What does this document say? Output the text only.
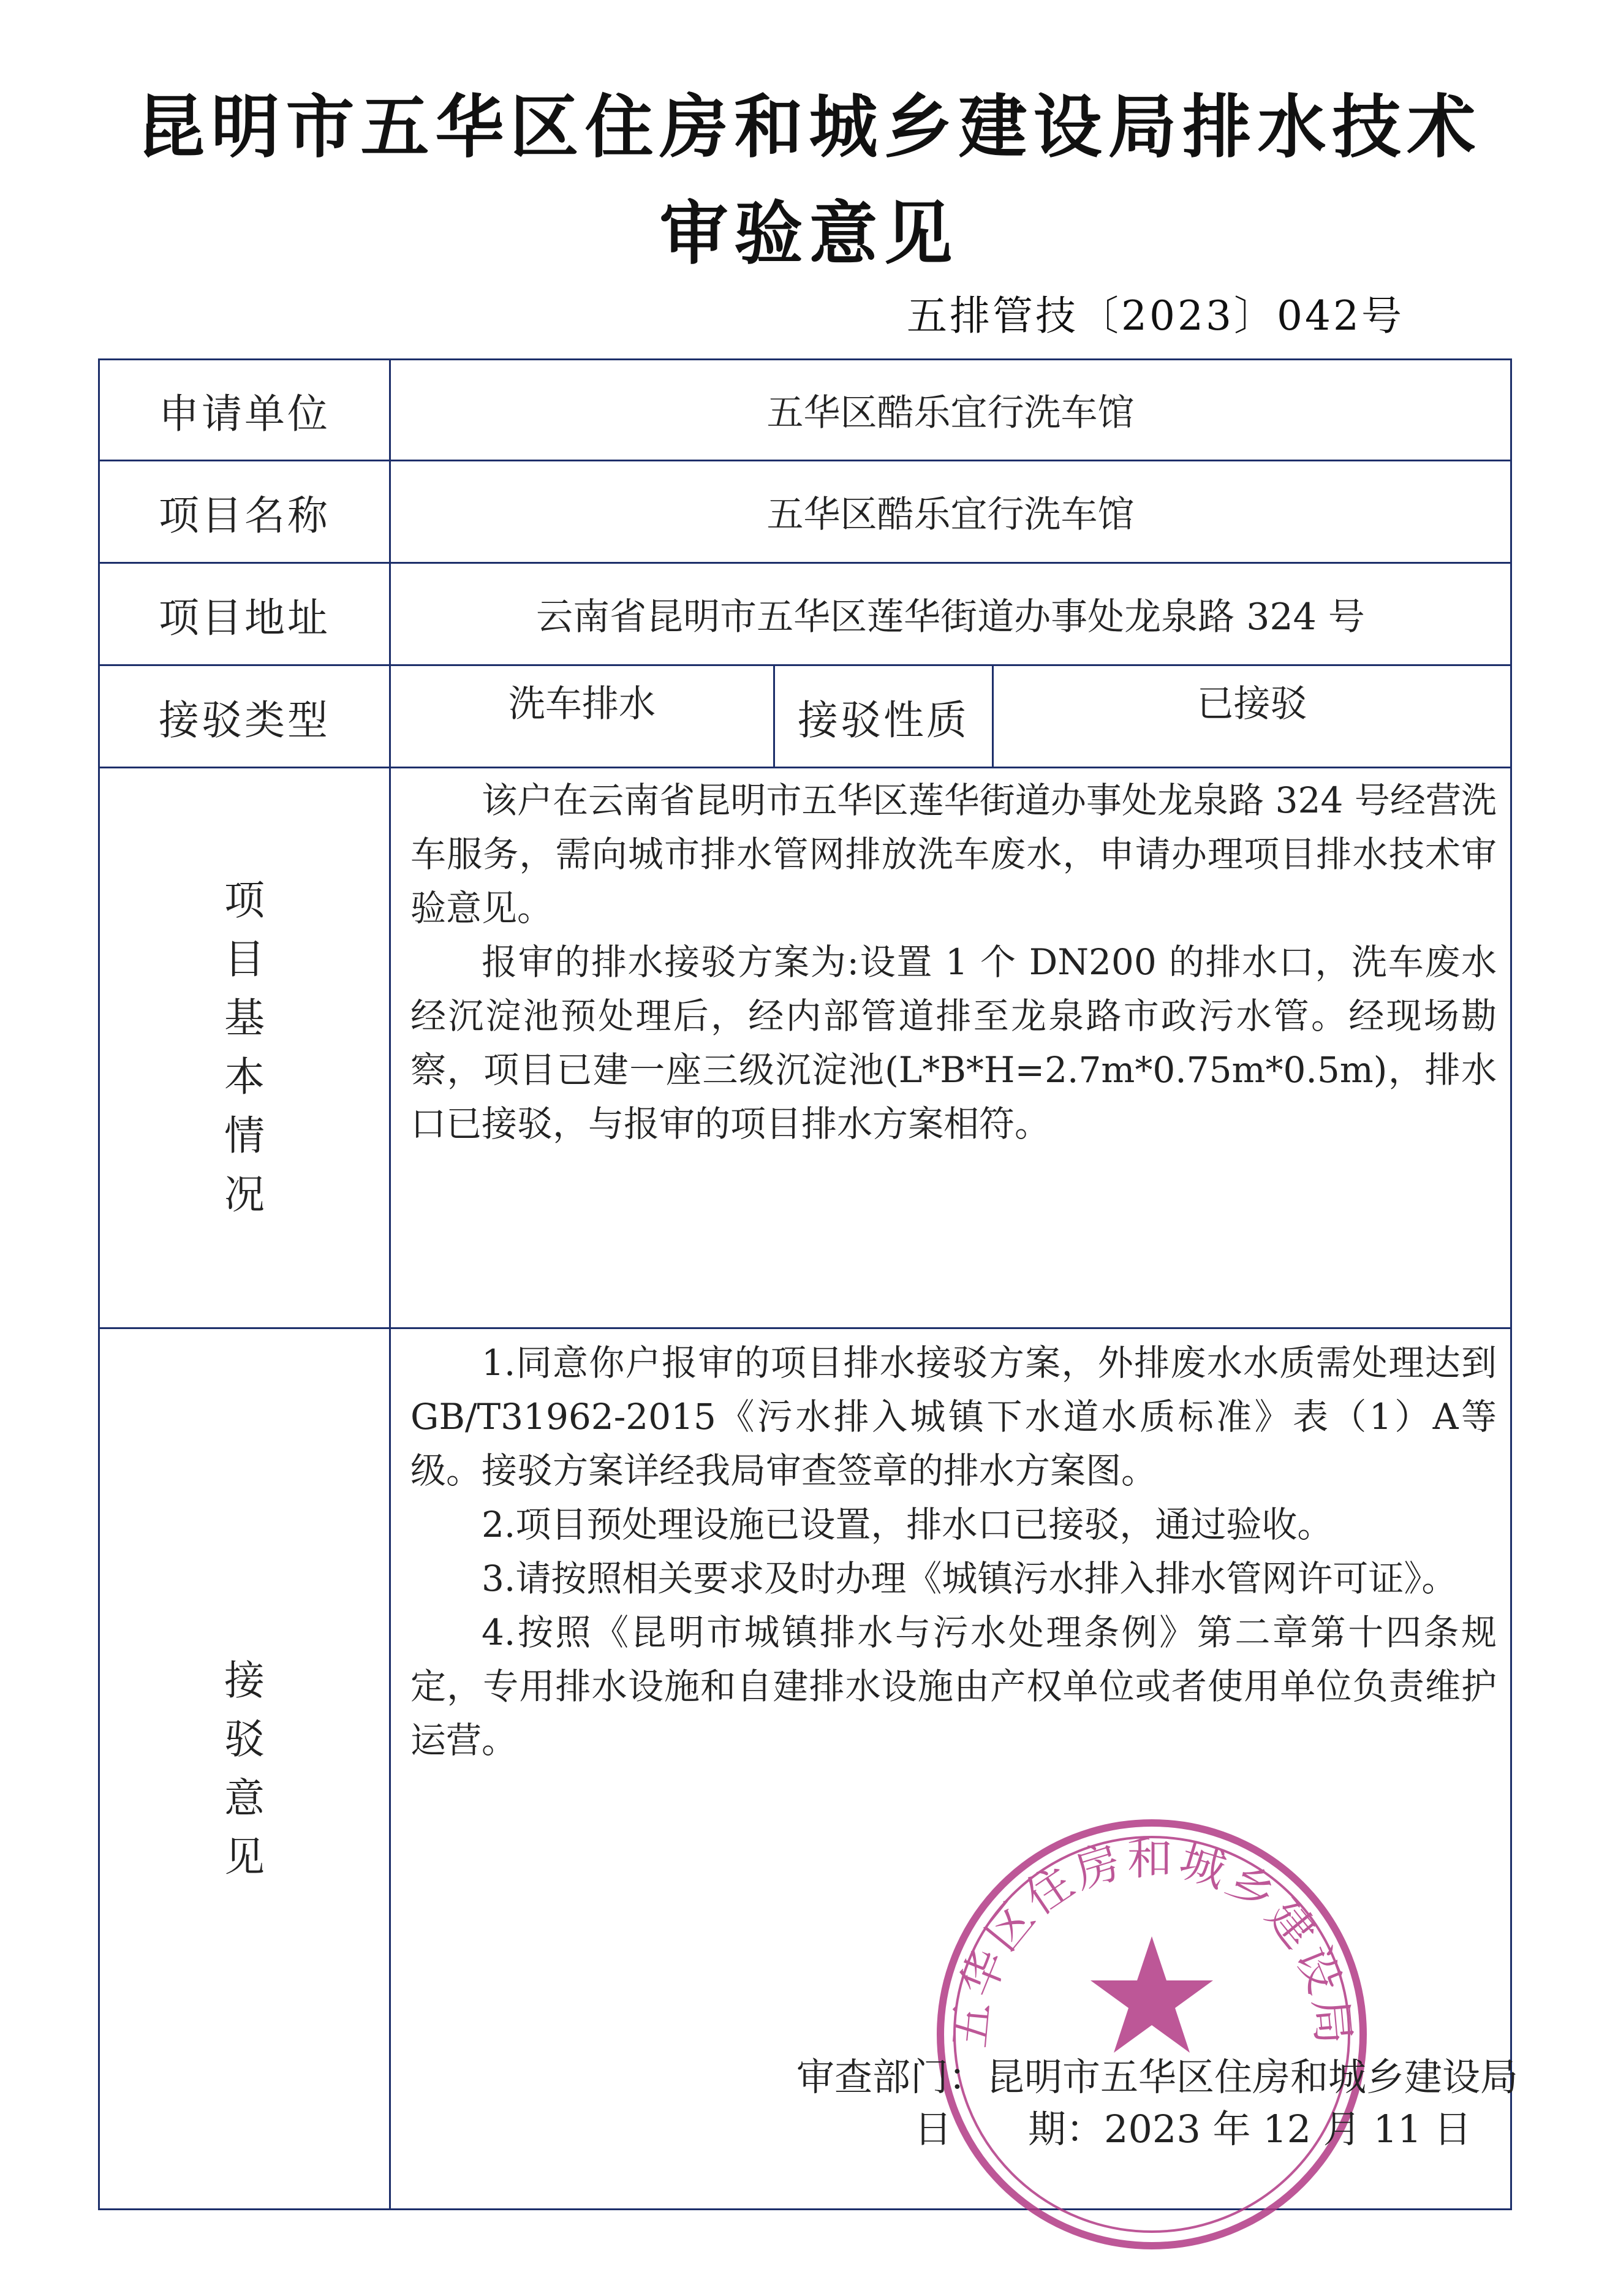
昆明市五华区住房和城乡建设局排水技术
审验意见
五排管技〔2023〕042号
申请单位	五华区酷乐宜行洗车馆
项目名称	五华区酷乐宜行洗车馆
项目地址	云南省昆明市五华区莲华街道办事处龙泉路 324 号
接驳类型	洗车排水	接驳性质	已接驳
项目基本情况

该户在云南省昆明市五华区莲华街道办事处龙泉路 324 号经营洗车服务，需向城市排水管网排放洗车废水，申请办理项目排水技术审验意见。

报审的排水接驳方案为:设置 1 个 DN200 的排水口，洗车废水经沉淀池预处理后，经内部管道排至龙泉路市政污水管。经现场勘察，项目已建一座三级沉淀池(L*B*H=2.7m*0.75m*0.5m)，排水口已接驳，与报审的项目排水方案相符。

接驳意见

1.同意你户报审的项目排水接驳方案，外排废水水质需处理达到GB/T31962-2015《污水排入城镇下水道水质标准》表（1）A等级。接驳方案详经我局审查签章的排水方案图。

2.项目预处理设施已设置，排水口已接驳，通过验收。

3.请按照相关要求及时办理《城镇污水排入排水管网许可证》。

4.按照《昆明市城镇排水与污水处理条例》第二章第十四条规定，专用排水设施和自建排水设施由产权单位或者使用单位负责维护运营。

五华区住房和城乡建设局
审查部门：昆明市五华区住房和城乡建设局
日　　期：2023 年 12 月 11 日
